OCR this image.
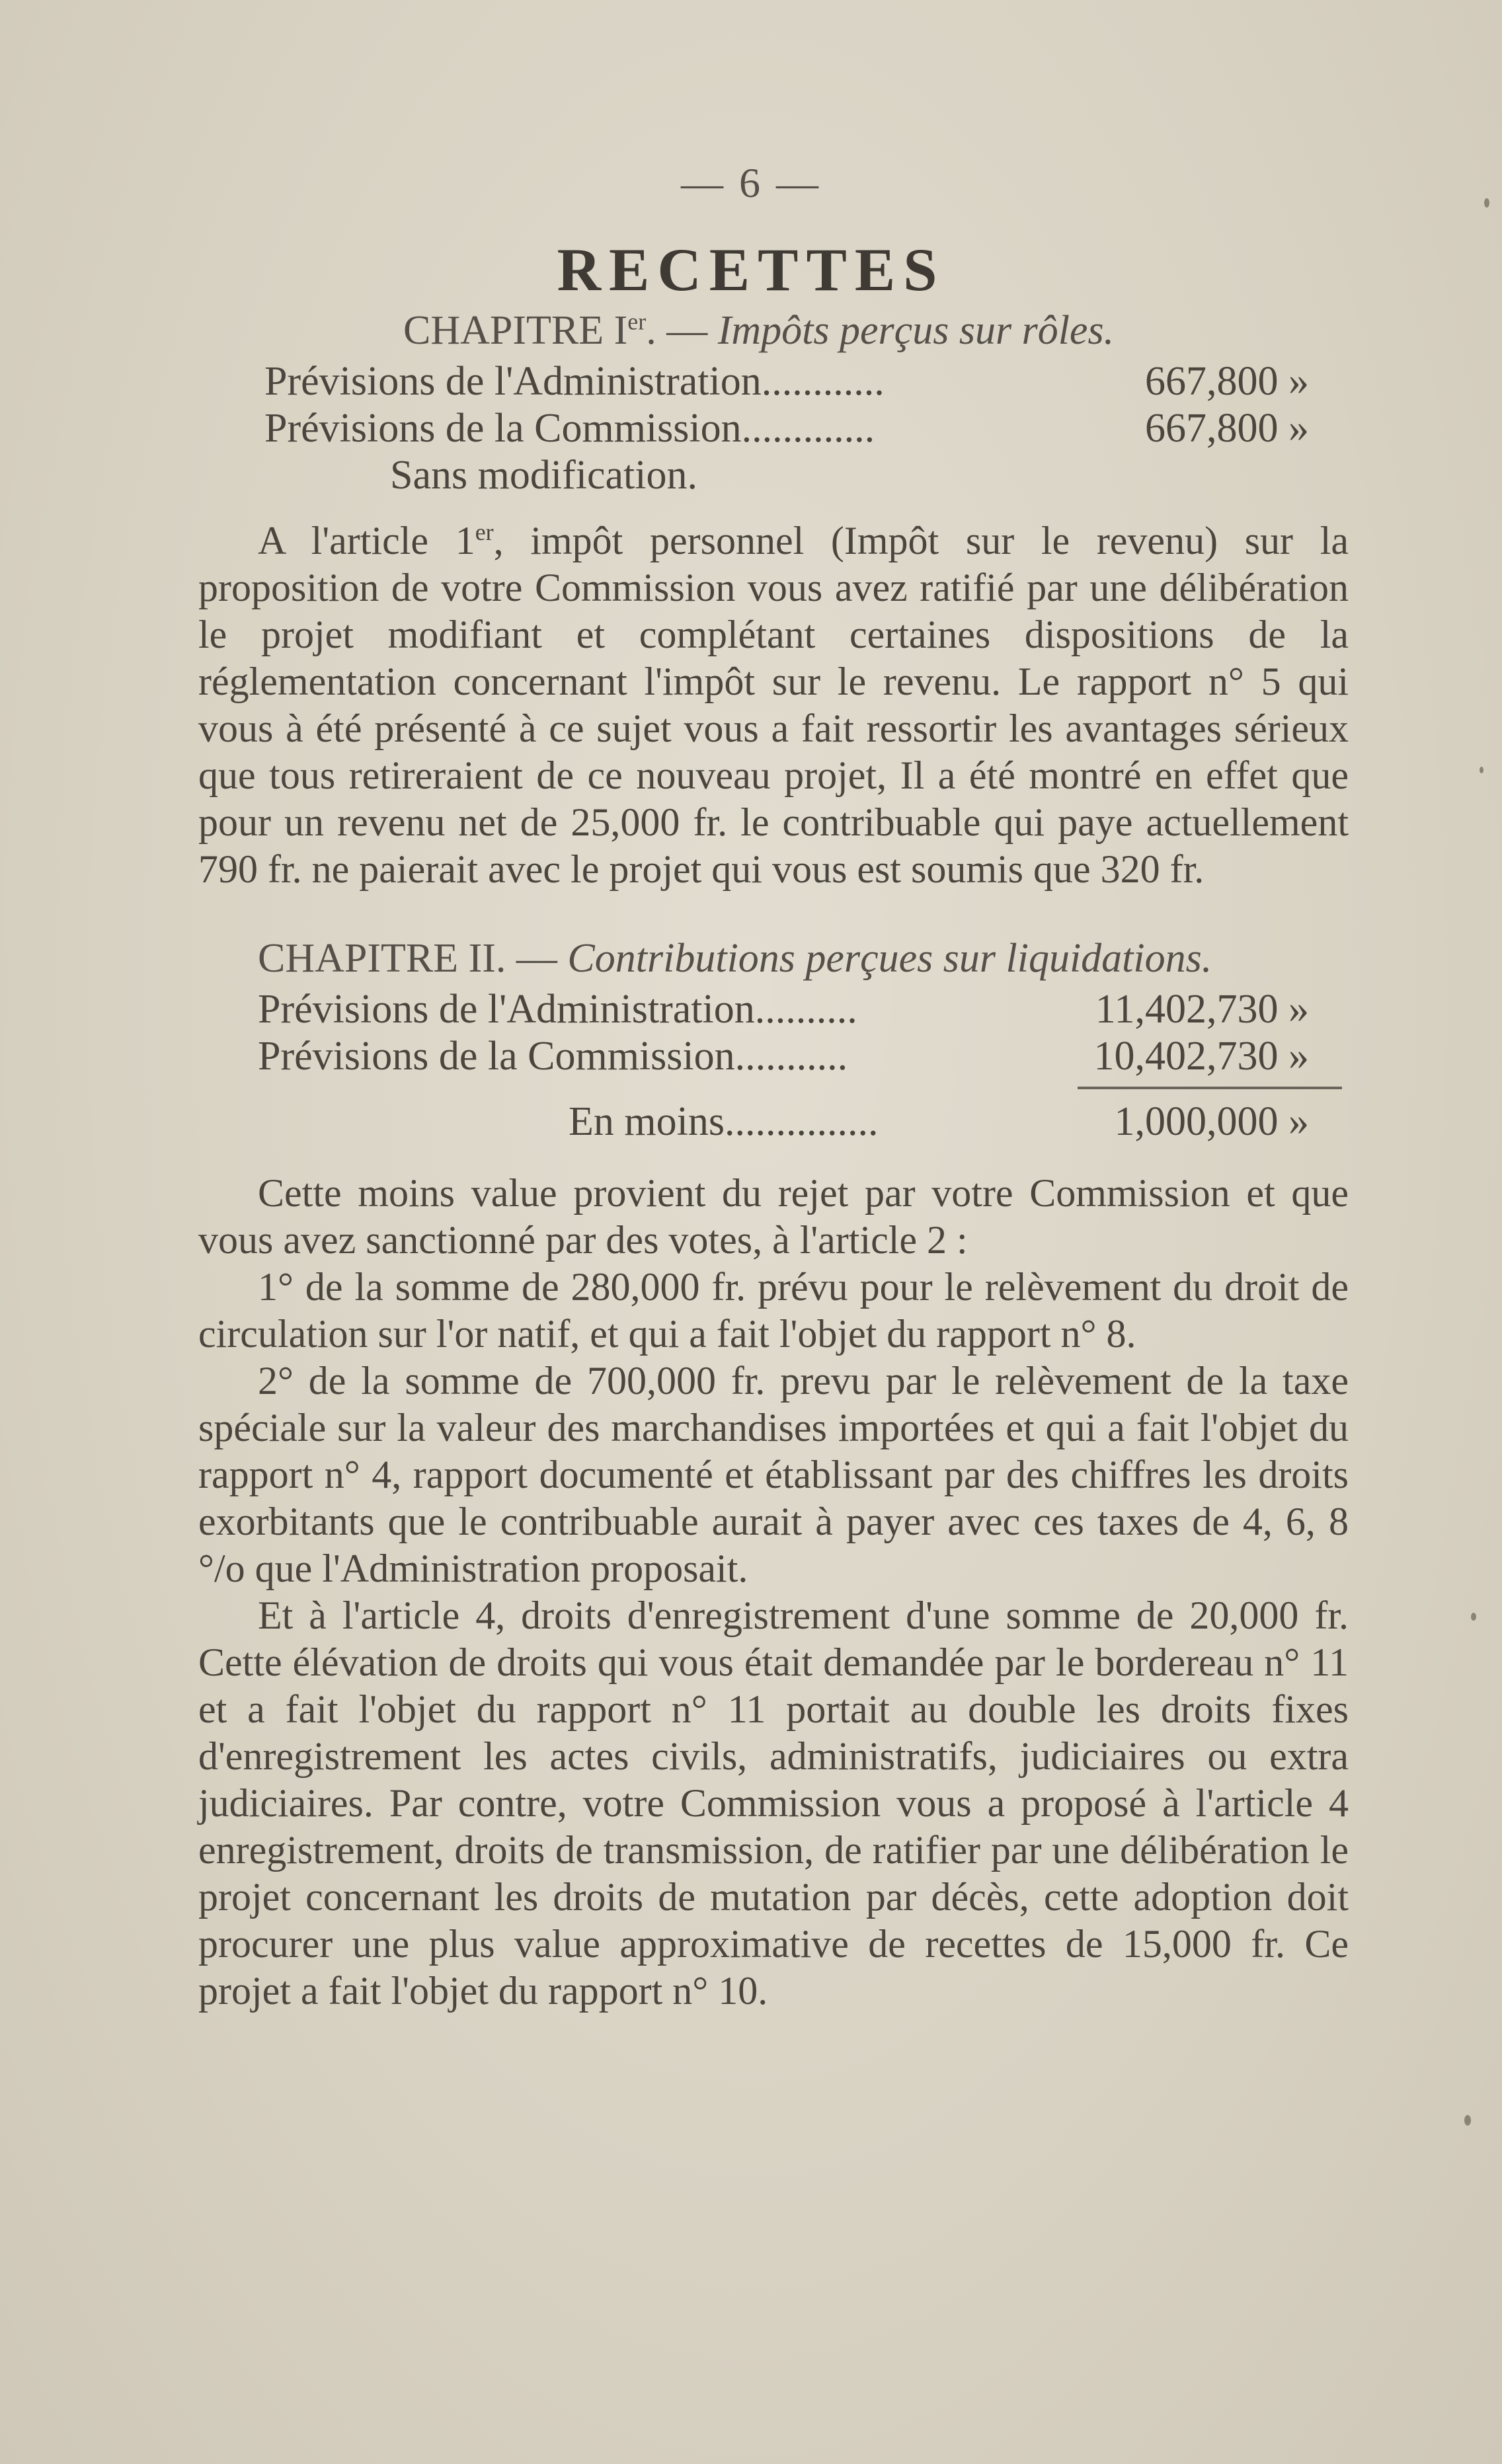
— 6 —
RECETTES
CHAPITRE Ier. — Impôts perçus sur rôles.
Prévisions de l'Administration............	667,800 »
Prévisions de la Commission.............	667,800 »
Sans modification.

A l'article 1er, impôt personnel (Impôt sur le revenu) sur la proposition de votre Commission vous avez ratifié par une délibération le projet modifiant et complétant certaines dispositions de la réglementation concernant l'impôt sur le revenu. Le rapport n° 5 qui vous à été présenté à ce sujet vous a fait ressortir les avantages sérieux que tous retireraient de ce nouveau projet, Il a été montré en effet que pour un revenu net de 25,000 fr. le contribuable qui paye actuellement 790 fr. ne paierait avec le projet qui vous est soumis que 320 fr.

CHAPITRE II. — Contributions perçues sur liquidations.
Prévisions de l'Administration..........	11,402,730 »
Prévisions de la Commission...........	10,402,730 »
En moins...............	1,000,000 »

Cette moins value provient du rejet par votre Commission et que vous avez sanctionné par des votes, à l'article 2 :

1° de la somme de 280,000 fr. prévu pour le relèvement du droit de circulation sur l'or natif, et qui a fait l'objet du rapport n° 8.

2° de la somme de 700,000 fr. prevu par le relèvement de la taxe spéciale sur la valeur des marchandises importées et qui a fait l'objet du rapport n° 4, rapport documenté et établissant par des chiffres les droits exorbitants que le contribuable aurait à payer avec ces taxes de 4, 6, 8 °/o que l'Administration proposait.

Et à l'article 4, droits d'enregistrement d'une somme de 20,000 fr. Cette élévation de droits qui vous était demandée par le bordereau n° 11 et a fait l'objet du rapport n° 11 portait au double les droits fixes d'enregistrement les actes civils, administratifs, judiciaires ou extra judiciaires. Par contre, votre Commission vous a proposé à l'article 4 enregistrement, droits de transmission, de ratifier par une délibération le projet concernant les droits de mutation par décès, cette adoption doit procurer une plus value approximative de recettes de 15,000 fr. Ce projet a fait l'objet du rapport n° 10.
